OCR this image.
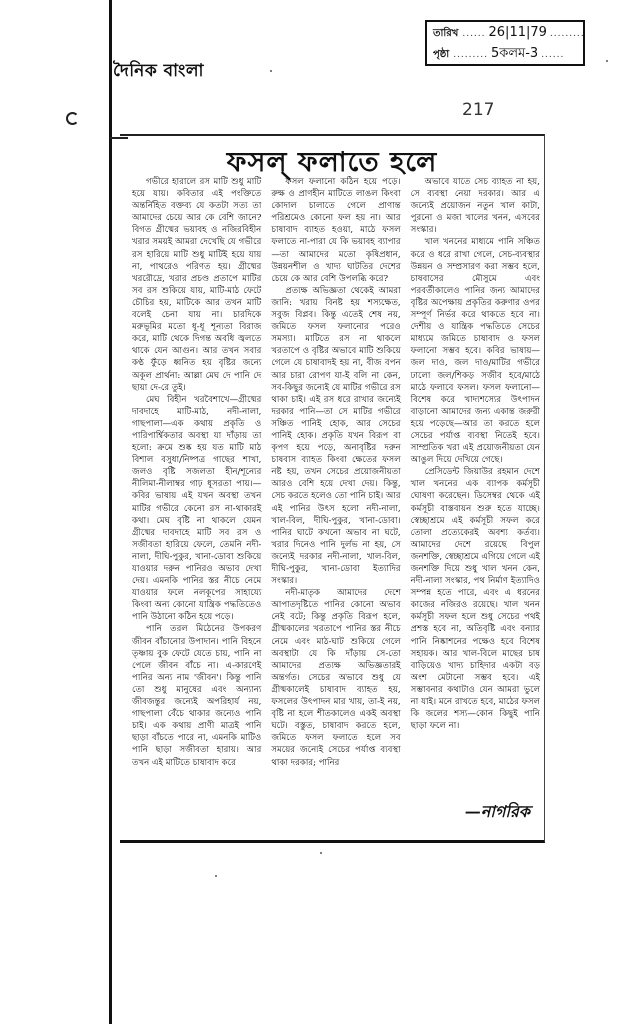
তারিখ ...... 26|11|79 .........
পৃষ্ঠা ......... 5কলম-3 ......
দৈনিক বাংলা
217
ফসল্ ফলাতে হলে

গভীরে হারালে রস মাটি শুধু মাটি হয়ে যায়। কবিতার এই পংক্তিতে অন্তর্নিহিত বক্তব্য যে কতটা সত্য তা আমাদের চেয়ে আর কে বেশি জানে? বিগত গ্রীষ্মের ভয়াবহ ও নজিরবিহীন খরার সময়ই আমরা দেখেছি যে গভীরে রস হারিয়ে মাটি শুধু মাটিই হয়ে যায় না, পাথরেও পরিণত হয়। গ্রীষ্মের খররৌদ্রে, খরার প্রচণ্ড প্রতাপে মাটির সব রস শুকিয়ে যায়, মাটি-মাঠ ফেটে চৌচির হয়, মাটিকে আর তখন মাটি বলেই চেনা যায় না। চারদিকে মরুভূমির মতো ধূ-ধূ শূন্যতা বিরাজ করে, মাটি থেকে দিগন্ত অবধি জ্বলতে থাকে যেন আগুন। আর তখন সবার কণ্ঠ ফুঁড়ে ধ্বনিত হয় বৃষ্টির জন্যে অকূল প্রার্থনা: আল্লা মেঘ দে পানি দে ছায়া দে-রে তুই।

মেঘ বিহীন খরবৈশাখে—গ্রীষ্মের দাবদাহে মাটি-মাঠ, নদী-নালা, গাছপালা—এক কথায় প্রকৃতি ও পারিপার্শ্বিকতার অবস্থা যা দাঁড়ায় তা হলো: ক্রমে শুষ্ক হয় যত মাটি মাঠ বিশাল বসুধা/নিষ্পত্র গাছের শাখা, জলও বৃষ্টি সজলতা হীন/শূন্যের নীলিমা-নীলাম্বর গাঢ় ধূসরতা পায়।—কবির ভাষায় এই যখন অবস্থা তখন মাটির গভীরে কেনো রস না-থাকারই কথা। মেঘ বৃষ্টি না থাকলে যেমন গ্রীষ্মের দাবদাহে মাটি সব রস ও সজীবতা হারিয়ে ফেলে, তেমনি নদী-নালা, দীঘি-পুকুর, খানা-ডোবা শুকিয়ে যাওয়ার দরুন পানিরও অভাব দেখা দেয়। এমনকি পানির স্তর নীচে নেমে যাওয়ার ফলে নলকূপের সাহায্যে কিংবা অন্য কোনো যান্ত্রিক পদ্ধতিতেও পানি উঠানো কঠিন হয়ে পড়ে।

পানি তরল মিঠেনের উপকরণ জীবন বাঁচানোর উপাদান। পানি বিহনে তৃষ্ণায় বুক ফেটে যেতে চায়, পানি না পেলে জীবন বাঁচে না। এ-কারণেই পানির অন্য নাম 'জীবন'। কিন্তু পানি তো শুধু মানুষের এবং অন্যান্য জীবজন্তুর জন্যেই অপরিহার্য নয়, গাছপালা বেঁচে থাকার জন্যেও পানি চাই। এক কথায় প্রাণী মাত্রই পানি ছাড়া বাঁচতে পারে না, এমনকি মাটিও পানি ছাড়া সজীবতা হারায়। আর তখন এই মাটিতে চাষাবাদ করে

ফসল ফলানো কঠিন হয়ে পড়ে। রুক্ষ ও প্রাণহীন মাটিতে লাঙল কিংবা কোদাল চালাতে গেলে প্রাণান্ত পরিশ্রমেও কোনো ফল হয় না। আর চাষাবাদ ব্যাহত হওয়া, মাঠে ফসল ফলাতে না-পারা যে কি ভয়াবহ ব্যাপার—তা আমাদের মতো কৃষিপ্রধান, উন্নয়নশীল ও খাদ্য ঘাটতির দেশের চেয়ে কে আর বেশি উপলব্ধি করে?

প্রত্যক্ষ অভিজ্ঞতা থেকেই আমরা জানি: খরায় বিনষ্ট হয় শস্যক্ষেত, সবুজ বিপ্লব। কিন্তু এতেই শেষ নয়, জমিতে ফসল ফলানোর পরেও সমস্যা। মাটিতে রস না থাকলে খরতাপে ও বৃষ্টির অভাবে মাটি শুকিয়ে গেলে যে চাষাবাদই হয় না, বীজ বপন আর চারা রোপণ যা-ই বলি না কেন, সব-কিছুর জন্যেই যে মাটির গভীরে রস থাকা চাই। এই রস ধরে রাখার জন্যেই দরকার পানি—তা সে মাটির গভীরে সঞ্চিত পানিই হোক, আর সেচের পানিই হোক। প্রকৃতি যখন বিরূপ বা কৃপণ হয়ে পড়ে, অনাবৃষ্টির দরুন চাষবাস ব্যাহত কিংবা ক্ষেতের ফসল নষ্ট হয়, তখন সেচের প্রয়োজনীয়তা আরও বেশি হয়ে দেখা দেয়। কিন্তু, সেচ করতে হলেও তো পানি চাই। আর এই পানির উৎস হলো নদী-নালা, খাল-বিল, দীঘি-পুকুর, খানা-ডোবা। পানির ঘাটে কখনো অভাব না ঘটে, খরার দিনেও পানি দুর্লভ না হয়, সে জন্যেই দরকার নদী-নালা, খাল-বিল, দীঘি-পুকুর, খানা-ডোবা ইত্যাদির সংস্কার।

নদী-মাতৃক আমাদের দেশে আপাতদৃষ্টিতে পানির কোনো অভাব নেই বটে; কিন্তু প্রকৃতি বিরূপ হলে, গ্রীষ্মকালের খরতাপে পানির স্তর নীচে নেমে এবং মাঠ-ঘাট শুকিয়ে গেলে অবস্থাটা যে কি দাঁড়ায় সে-তো আমাদের প্রত্যক্ষ অভিজ্ঞতারই অন্তর্গত। সেচের অভাবে শুধু যে গ্রীষ্মকালেই চাষাবাদ ব্যাহত হয়, ফসলের উৎপাদন মার খায়, তা-ই নয়, বৃষ্টি না হলে শীতকালেও একই অবস্থা ঘটে। বস্তুত, চাষাবাদ করতে হলে, জমিতে ফসল ফলাতে হলে সব সময়ের জন্যেই সেচের পর্যাপ্ত ব্যবস্থা থাকা দরকার; পানির

অভাবে যাতে সেচ ব্যাহত না হয়, সে ব্যবস্থা নেয়া দরকার। আর এ জন্যেই প্রয়োজন নতুন খাল কাটা, পুরনো ও মজা খালের খনন, এসবের সংস্কার।

খাল খননের মাধ্যমে পানি সঞ্চিত করে ও ধরে রাখা গেলে, সেচ-ব্যবস্থার উন্নয়ন ও সম্প্রসারণ করা সম্ভব হলে, চাষবাসের মৌসুমে এবং পরবর্তীকালেও পানির জন্য আমাদের বৃষ্টির অপেক্ষায় প্রকৃতির করুণার ওপর সম্পূর্ণ নির্ভর করে থাকতে হবে না। দেশীয় ও যান্ত্রিক পদ্ধতিতে সেচের মাধ্যমে জমিতে চাষাবাদ ও ফসল ফলানো সম্ভব হবে। কবির ভাষায়—জল দাও, জল দাও/মাটির গভীরে ঢালো জল/শিকড় সজীব হবে/মাঠে মাঠে ফলাবে ফসল। ফসল ফলানো—বিশেষ করে খাদ্যশস্যের উৎপাদন বাড়ানো আমাদের জন্য একান্ত জরুরী হয়ে পড়েছে—আর তা করতে হলে সেচের পর্যাপ্ত ব্যবস্থা নিতেই হবে। সাম্প্রতিক খরা এই প্রয়োজনীয়তা যেন আঙুল দিয়ে দেখিয়ে গেছে।

প্রেসিডেন্ট জিয়াউর রহমান দেশে খাল খননের এক ব্যাপক কর্মসূচী ঘোষণা করেছেন। ডিসেম্বর থেকে এই কর্মসূচী বাস্তবায়ন শুরু হতে যাচ্ছে। স্বেচ্ছাশ্রমে এই কর্মসূচী সফল করে তোলা প্রত্যেকেরই অবশ্য কর্তব্য। আমাদের দেশে রয়েছে বিপুল জনশক্তি, স্বেচ্ছাশ্রমে এগিয়ে গেলে এই জনশক্তি দিয়ে শুধু খাল খনন কেন, নদী-নালা সংস্কার, পথ নির্মাণ ইত্যাদিও সম্পন্ন হতে পারে, এবং এ ধরনের কাজের নজিরও রয়েছে। খাল খনন কর্মসূচী সফল হলে শুধু সেচের পথই প্রশস্ত হবে না, অতিবৃষ্টি এবং বন্যার পানি নিষ্কাশনের পক্ষেও হবে বিশেষ সহায়ক। আর খাল-বিলে মাছের চাষ বাড়িয়েও খাদ্য চাহিদার একটা বড় অংশ মেটানো সম্ভব হবে। এই সম্ভাবনার কথাটাও যেন আমরা ভুলে না যাই। মনে রাখতে হবে, মাঠের ফসল কি জলের শস্য—কোন কিছুই পানি ছাড়া ফলে না।

—নাগরিক
